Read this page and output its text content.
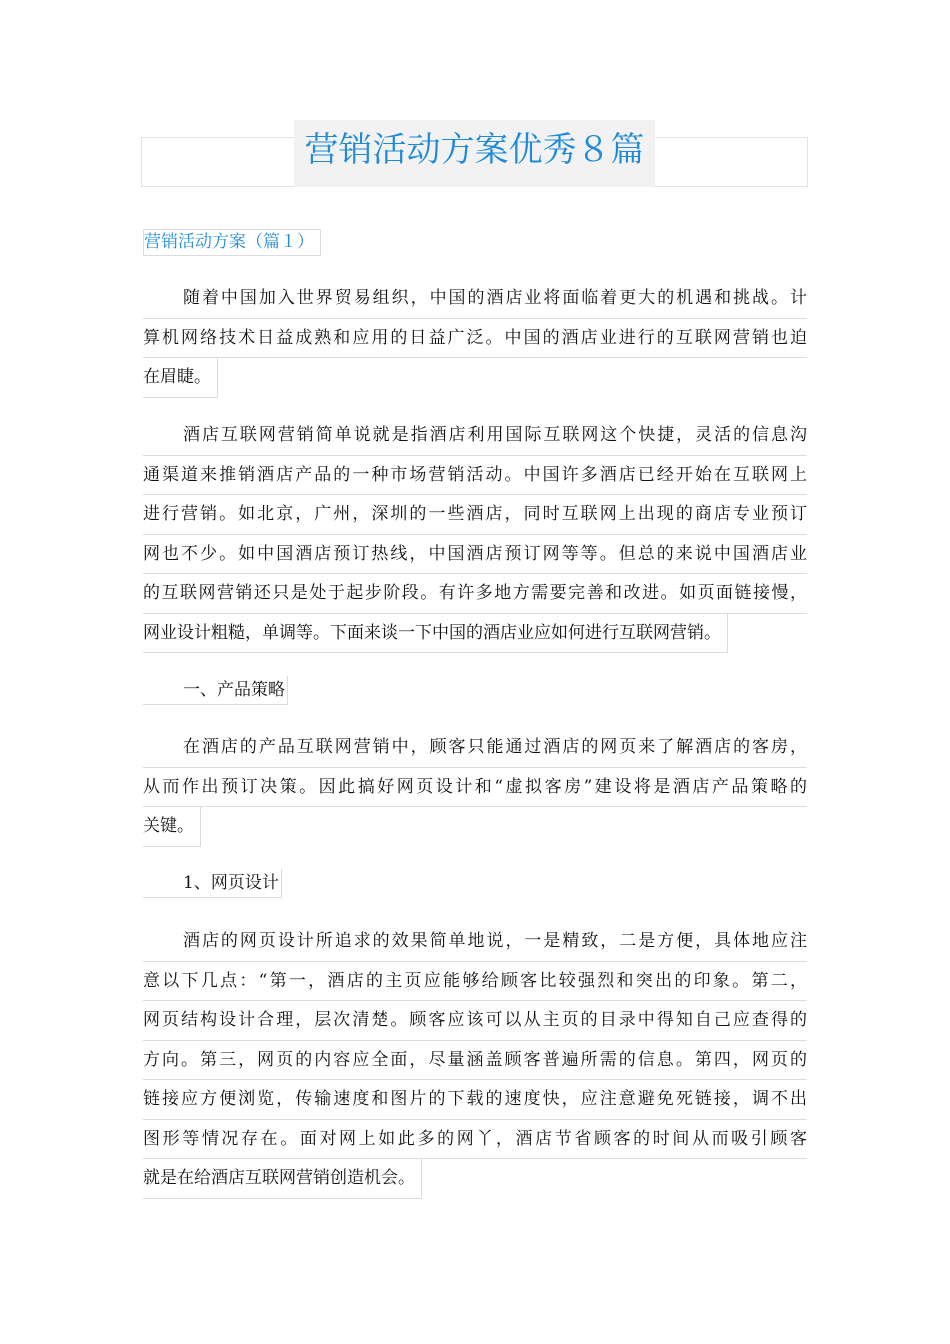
营销活动方案优秀８篇
营销活动方案（篇１）
随着中国加入世界贸易组织，中国的酒店业将面临着更大的机遇和挑战。计
算机网络技术日益成熟和应用的日益广泛。中国的酒店业进行的互联网营销也迫
在眉睫。
酒店互联网营销简单说就是指酒店利用国际互联网这个快捷，灵活的信息沟
通渠道来推销酒店产品的一种市场营销活动。中国许多酒店已经开始在互联网上
进行营销。如北京，广州，深圳的一些酒店，同时互联网上出现的商店专业预订
网也不少。如中国酒店预订热线，中国酒店预订网等等。但总的来说中国酒店业
的互联网营销还只是处于起步阶段。有许多地方需要完善和改进。如页面链接慢，
网业设计粗糙，单调等。下面来谈一下中国的酒店业应如何进行互联网营销。
一、产品策略
在酒店的产品互联网营销中，顾客只能通过酒店的网页来了解酒店的客房，
从而作出预订决策。因此搞好网页设计和“虚拟客房”建设将是酒店产品策略的
关键。
1、网页设计
酒店的网页设计所追求的效果简单地说，一是精致，二是方便，具体地应注
意以下几点：“第一，酒店的主页应能够给顾客比较强烈和突出的印象。第二，
网页结构设计合理，层次清楚。顾客应该可以从主页的目录中得知自己应查得的
方向。第三，网页的内容应全面，尽量涵盖顾客普遍所需的信息。第四，网页的
链接应方便浏览，传输速度和图片的下载的速度快，应注意避免死链接，调不出
图形等情况存在。面对网上如此多的网丫，酒店节省顾客的时间从而吸引顾客
就是在给酒店互联网营销创造机会。
